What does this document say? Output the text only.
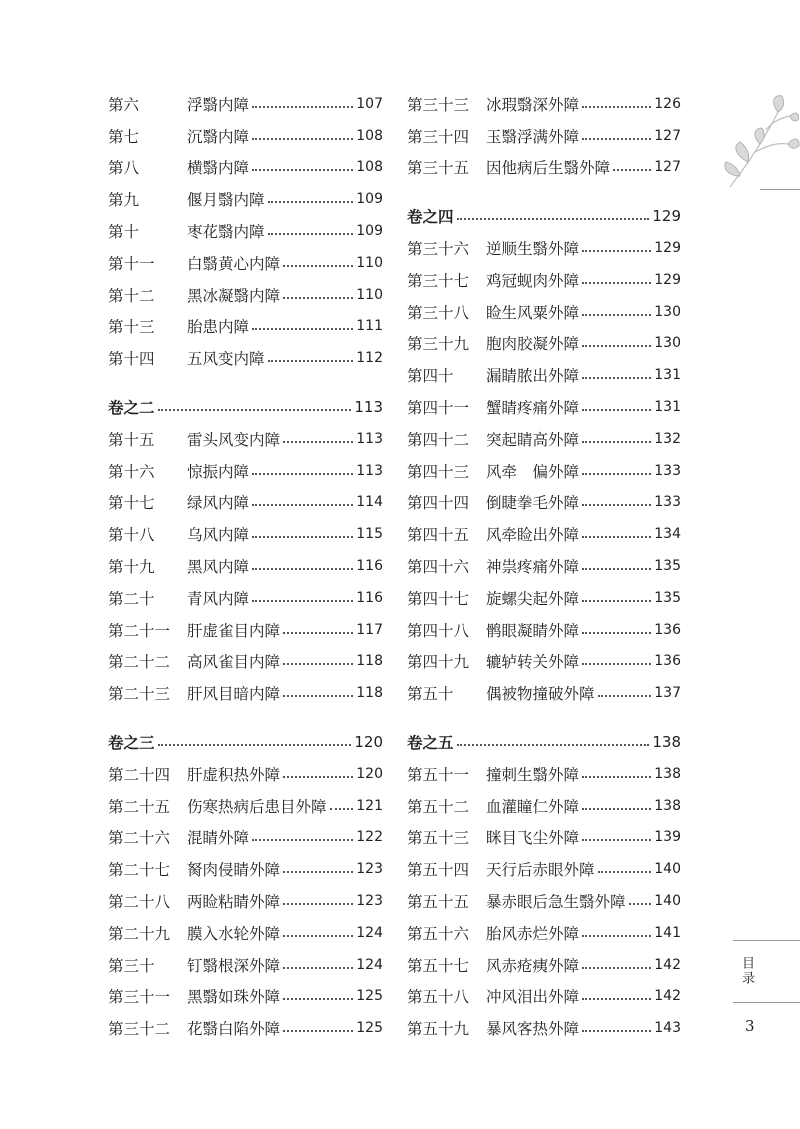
第六	浮翳内障	107
第七	沉翳内障	108
第八	横翳内障	108
第九	偃月翳内障	109
第十	枣花翳内障	109
第十一	白翳黄心内障	110
第十二	黑冰凝翳内障	110
第十三	胎患内障	111
第十四	五风变内障	112
卷之二	113
第十五	雷头风变内障	113
第十六	惊振内障	113
第十七	绿风内障	114
第十八	乌风内障	115
第十九	黑风内障	116
第二十	青风内障	116
第二十一	肝虚雀目内障	117
第二十二	高风雀目内障	118
第二十三	肝风目暗内障	118
卷之三	120
第二十四	肝虚积热外障	120
第二十五	伤寒热病后患目外障 121
第二十六	混睛外障	122
第二十七	胬肉侵睛外障	123
第二十八	两睑粘睛外障	123
第二十九	膜入水轮外障	124
第三十	钉翳根深外障	124
第三十一	黑翳如珠外障	125
第三十二	花翳白陷外障	125
第三十三	冰瑕翳深外障	126
第三十四	玉翳浮满外障	127
第三十五	因他病后生翳外障	127
卷之四	129
第三十六	逆顺生翳外障	129
第三十七	鸡冠蚬肉外障	129
第三十八	睑生风粟外障	130
第三十九	胞肉胶凝外障	130
第四十	漏睛脓出外障	131
第四十一	蟹睛疼痛外障	131
第四十二	突起睛高外障	132
第四十三	风牵　偏外障	133
第四十四	倒睫拳毛外障	133
第四十五	风牵睑出外障	134
第四十六	神祟疼痛外障	135
第四十七	旋螺尖起外障	135
第四十八	鹘眼凝睛外障	136
第四十九	辘轳转关外障	136
第五十	偶被物撞破外障	137
卷之五	138
第五十一	撞刺生翳外障	138
第五十二	血灌瞳仁外障	138
第五十三	眯目飞尘外障	139
第五十四	天行后赤眼外障	140
第五十五	暴赤眼后急生翳外障 140
第五十六	胎风赤烂外障	141
第五十七	风赤疮痍外障	142
第五十八	冲风泪出外障	142
第五十九	暴风客热外障	143
目录
3
